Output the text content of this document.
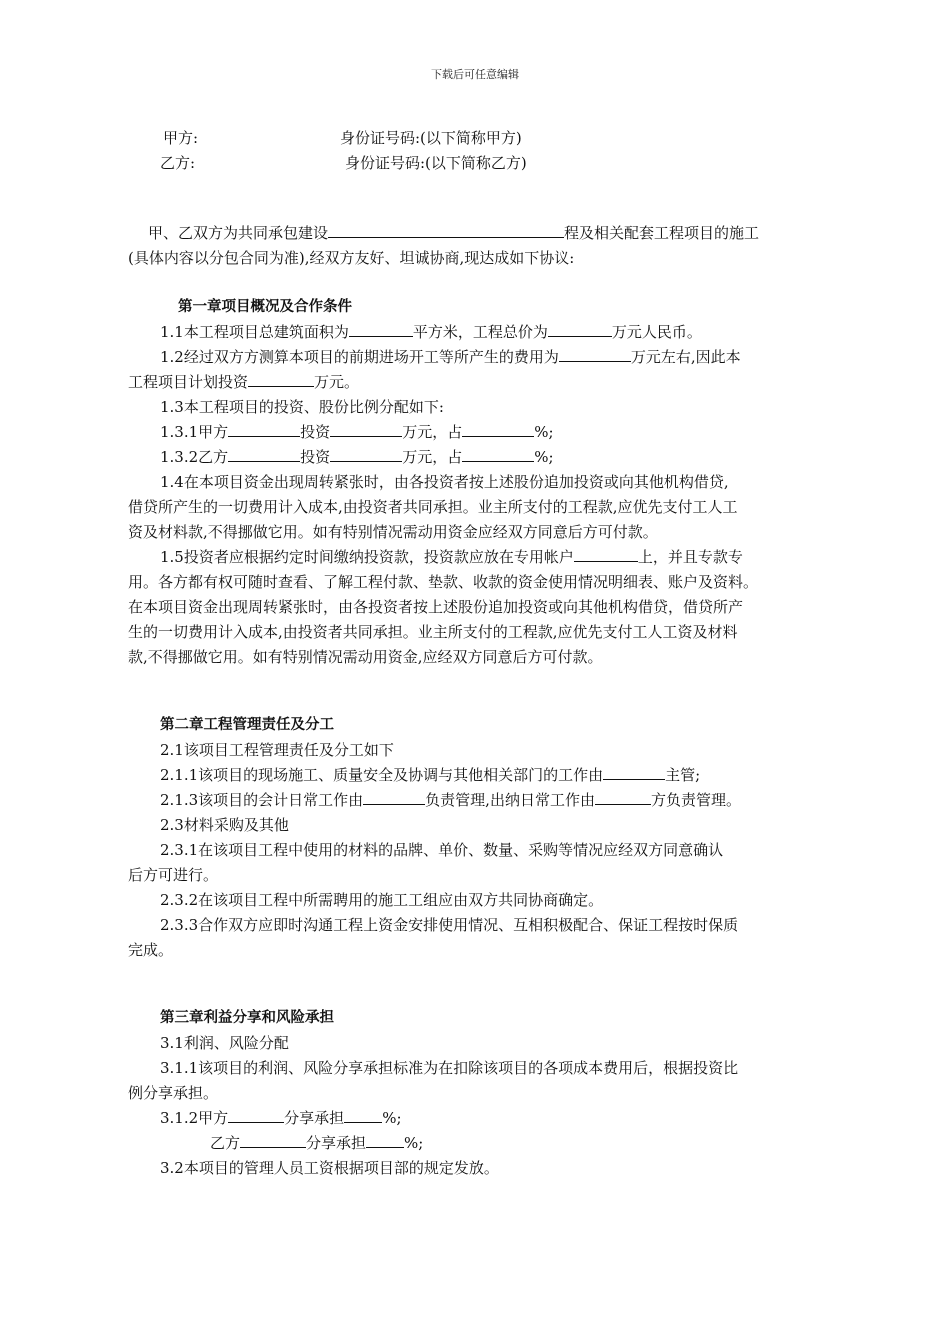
下载后可任意编辑
甲方:	身份证号码:(以下简称甲方)
乙方:	身份证号码:(以下简称乙方)
甲、乙双方为共同承包建设	程及相关配套工程项目的施工
(具体内容以分包合同为准),经双方友好、坦诚协商,现达成如下协议:
第一章项目概况及合作条件
1.1本工程项目总建筑面积为	平方米，工程总价为	万元人民币。
1.2经过双方方测算本项目的前期进场开工等所产生的费用为	万元左右,因此本
工程项目计划投资	万元。
1.3本工程项目的投资、股份比例分配如下:
1.3.1甲方	投资	万元，占	%;
1.3.2乙方	投资	万元，占	%;
1.4在本项目资金出现周转紧张时，由各投资者按上述股份追加投资或向其他机构借贷,
借贷所产生的一切费用计入成本,由投资者共同承担。业主所支付的工程款,应优先支付工人工
资及材料款,不得挪做它用。如有特别情况需动用资金应经双方同意后方可付款。
1.5投资者应根据约定时间缴纳投资款，投资款应放在专用帐户	上，并且专款专
用。各方都有权可随时查看、了解工程付款、垫款、收款的资金使用情况明细表、账户及资料。
在本项目资金出现周转紧张时，由各投资者按上述股份追加投资或向其他机构借贷，借贷所产
生的一切费用计入成本,由投资者共同承担。业主所支付的工程款,应优先支付工人工资及材料
款,不得挪做它用。如有特别情况需动用资金,应经双方同意后方可付款。
第二章工程管理责任及分工
2.1该项目工程管理责任及分工如下
2.1.1该项目的现场施工、质量安全及协调与其他相关部门的工作由	主管;
2.1.3该项目的会计日常工作由	负责管理,出纳日常工作由	方负责管理。
2.3材料采购及其他
2.3.1在该项目工程中使用的材料的品牌、单价、数量、采购等情况应经双方同意确认
后方可进行。
2.3.2在该项目工程中所需聘用的施工工组应由双方共同协商确定。
2.3.3合作双方应即时沟通工程上资金安排使用情况、互相积极配合、保证工程按时保质
完成。
第三章利益分享和风险承担
3.1利润、风险分配
3.1.1该项目的利润、风险分享承担标准为在扣除该项目的各项成本费用后，根据投资比
例分享承担。
3.1.2甲方	分享承担	%;
乙方	分享承担	%;
3.2本项目的管理人员工资根据项目部的规定发放。
